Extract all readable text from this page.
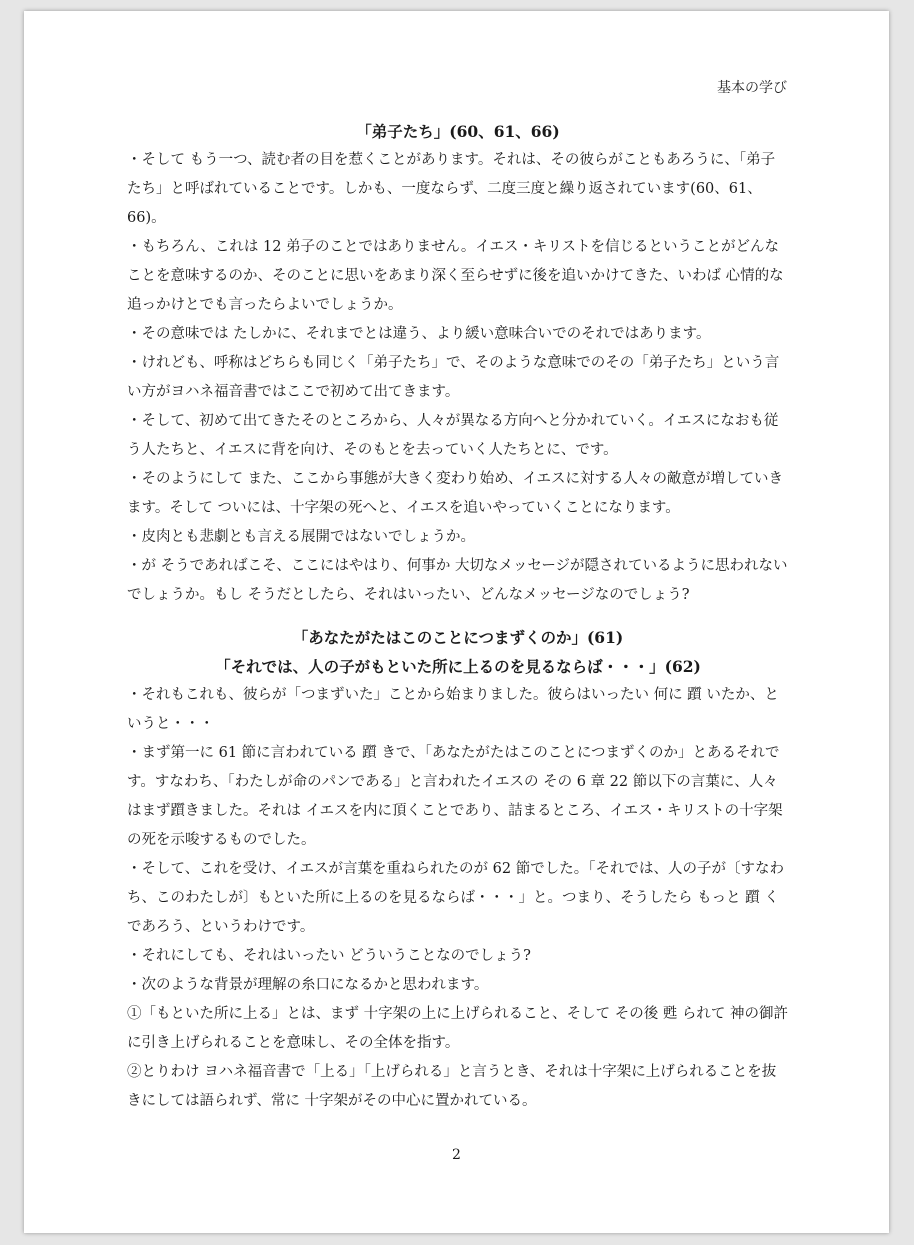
基本の学び

「弟子たち」(60、61、66)

・そして もう一つ、読む者の目を惹くことがあります。それは、その彼らがこともあろうに、「弟子たち」と呼ばれていることです。しかも、一度ならず、二度三度と繰り返されています(60、61、66)。

・もちろん、これは 12 弟子のことではありません。イエス・キリストを信じるということがどんなことを意味するのか、そのことに思いをあまり深く至らせずに後を追いかけてきた、いわば 心情的な追っかけとでも言ったらよいでしょうか。

・その意味では たしかに、それまでとは違う、より緩い意味合いでのそれではあります。

・けれども、呼称はどちらも同じく「弟子たち」で、そのような意味でのその「弟子たち」という言い方がヨハネ福音書ではここで初めて出てきます。

・そして、初めて出てきたそのところから、人々が異なる方向へと分かれていく。イエスになおも従う人たちと、イエスに背を向け、そのもとを去っていく人たちとに、です。

・そのようにして また、ここから事態が大きく変わり始め、イエスに対する人々の敵意が増していきます。そして ついには、十字架の死へと、イエスを追いやっていくことになります。

・皮肉とも悲劇とも言える展開ではないでしょうか。

・が そうであればこそ、ここにはやはり、何事か 大切なメッセージが隠されているように思われないでしょうか。もし そうだとしたら、それはいったい、どんなメッセージなのでしょう?

「あなたがたはこのことにつまずくのか」(61)

「それでは、人の子がもといた所に上るのを見るならば・・・」(62)

・それもこれも、彼らが「つまずいた」ことから始まりました。彼らはいったい 何に 躓 いたか、というと・・・

・まず第一に 61 節に言われている 躓 きで、「あなたがたはこのことにつまずくのか」とあるそれです。すなわち、「わたしが命のパンである」と言われたイエスの その 6 章 22 節以下の言葉に、人々はまず躓きました。それは イエスを内に頂くことであり、詰まるところ、イエス・キリストの十字架の死を示唆するものでした。

・そして、これを受け、イエスが言葉を重ねられたのが 62 節でした。「それでは、人の子が〔すなわち、このわたしが〕もといた所に上るのを見るならば・・・」と。つまり、そうしたら もっと 躓 くであろう、というわけです。

・それにしても、それはいったい どういうことなのでしょう?

・次のような背景が理解の糸口になるかと思われます。

①「もといた所に上る」とは、まず 十字架の上に上げられること、そして その後 甦 られて 神の御許に引き上げられることを意味し、その全体を指す。

②とりわけ ヨハネ福音書で「上る」「上げられる」と言うとき、それは十字架に上げられることを抜きにしては語られず、常に 十字架がその中心に置かれている。

2
